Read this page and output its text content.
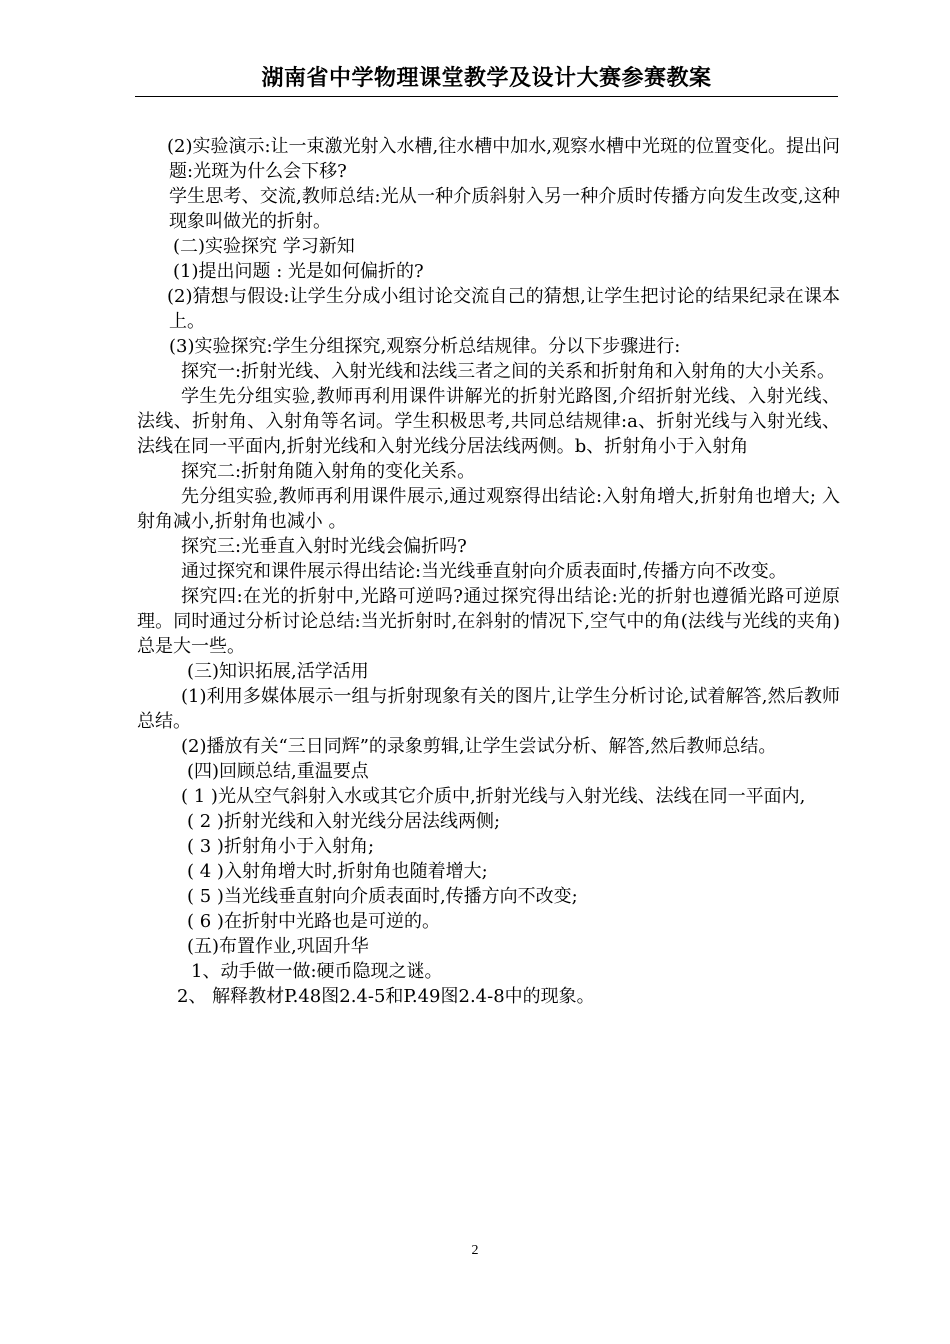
湖南省中学物理课堂教学及设计大赛参赛教案

(2)实验演示:让一束激光射入水槽,往水槽中加水,观察水槽中光斑的位置变化。提出问题:光斑为什么会下移?

学生思考、交流,教师总结:光从一种介质斜射入另一种介质时传播方向发生改变,这种现象叫做光的折射。

(二)实验探究 学习新知

(1)提出问题 : 光是如何偏折的?

(2)猜想与假设:让学生分成小组讨论交流自己的猜想,让学生把讨论的结果纪录在课本上。

(3)实验探究:学生分组探究,观察分析总结规律。分以下步骤进行:

探究一:折射光线、入射光线和法线三者之间的关系和折射角和入射角的大小关系。

学生先分组实验,教师再利用课件讲解光的折射光路图,介绍折射光线、入射光线、法线、折射角、入射角等名词。学生积极思考,共同总结规律:a、折射光线与入射光线、法线在同一平面内,折射光线和入射光线分居法线两侧。b、折射角小于入射角

探究二:折射角随入射角的变化关系。

先分组实验,教师再利用课件展示,通过观察得出结论:入射角增大,折射角也增大; 入射角减小,折射角也减小 。

探究三:光垂直入射时光线会偏折吗?

通过探究和课件展示得出结论:当光线垂直射向介质表面时,传播方向不改变。

探究四:在光的折射中,光路可逆吗?通过探究得出结论:光的折射也遵循光路可逆原理。同时通过分析讨论总结:当光折射时,在斜射的情况下,空气中的角(法线与光线的夹角)总是大一些。

(三)知识拓展,活学活用

(1)利用多媒体展示一组与折射现象有关的图片,让学生分析讨论,试着解答,然后教师总结。

(2)播放有关“三日同辉”的录象剪辑,让学生尝试分析、解答,然后教师总结。

(四)回顾总结,重温要点

( 1 )光从空气斜射入水或其它介质中,折射光线与入射光线、法线在同一平面内,

( 2 )折射光线和入射光线分居法线两侧;

( 3 )折射角小于入射角;

( 4 )入射角增大时,折射角也随着增大;

( 5 )当光线垂直射向介质表面时,传播方向不改变;

( 6 )在折射中光路也是可逆的。

(五)布置作业,巩固升华

1、动手做一做:硬币隐现之谜。

2、 解释教材P.48图2.4-5和P.49图2.4-8中的现象。

2
